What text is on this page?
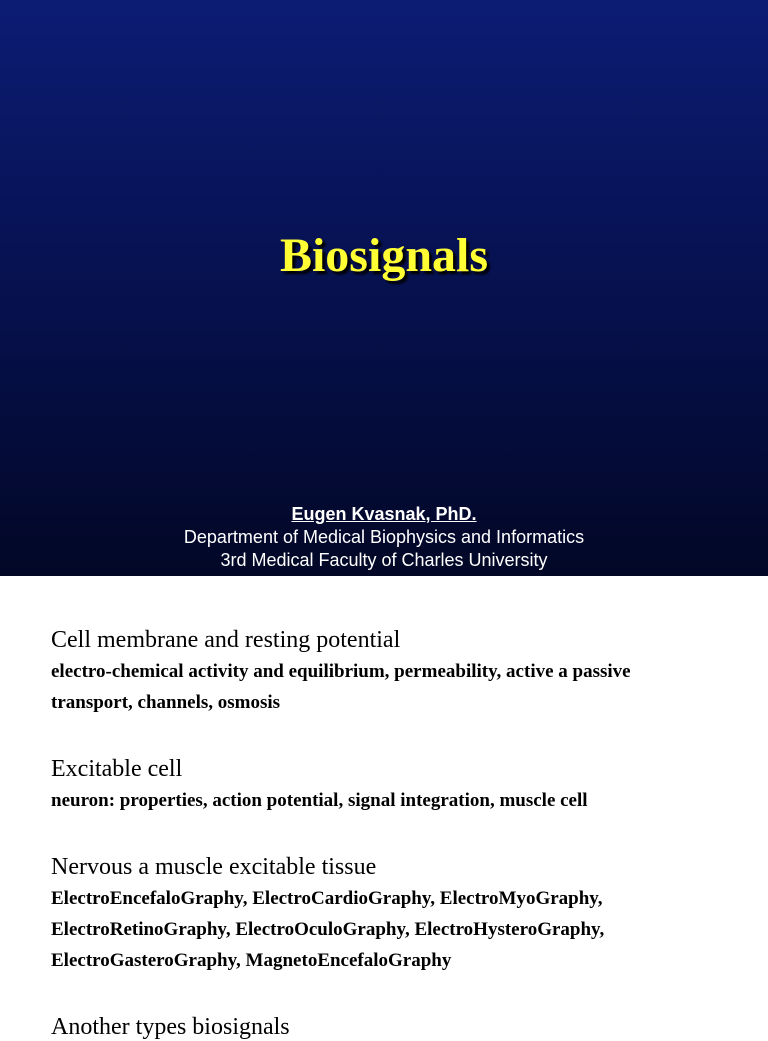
Biosignals
Eugen Kvasnak, PhD.
Department of Medical Biophysics and Informatics
3rd Medical Faculty of Charles University
Cell membrane and resting potential
electro-chemical activity and equilibrium, permeability, active a passive
transport, channels, osmosis
Excitable cell
neuron: properties, action potential, signal integration, muscle cell
Nervous a muscle excitable tissue
ElectroEncefaloGraphy, ElectroCardioGraphy, ElectroMyoGraphy,
ElectroRetinoGraphy, ElectroOculoGraphy, ElectroHysteroGraphy,
ElectroGasteroGraphy, MagnetoEncefaloGraphy
Another types biosignals
